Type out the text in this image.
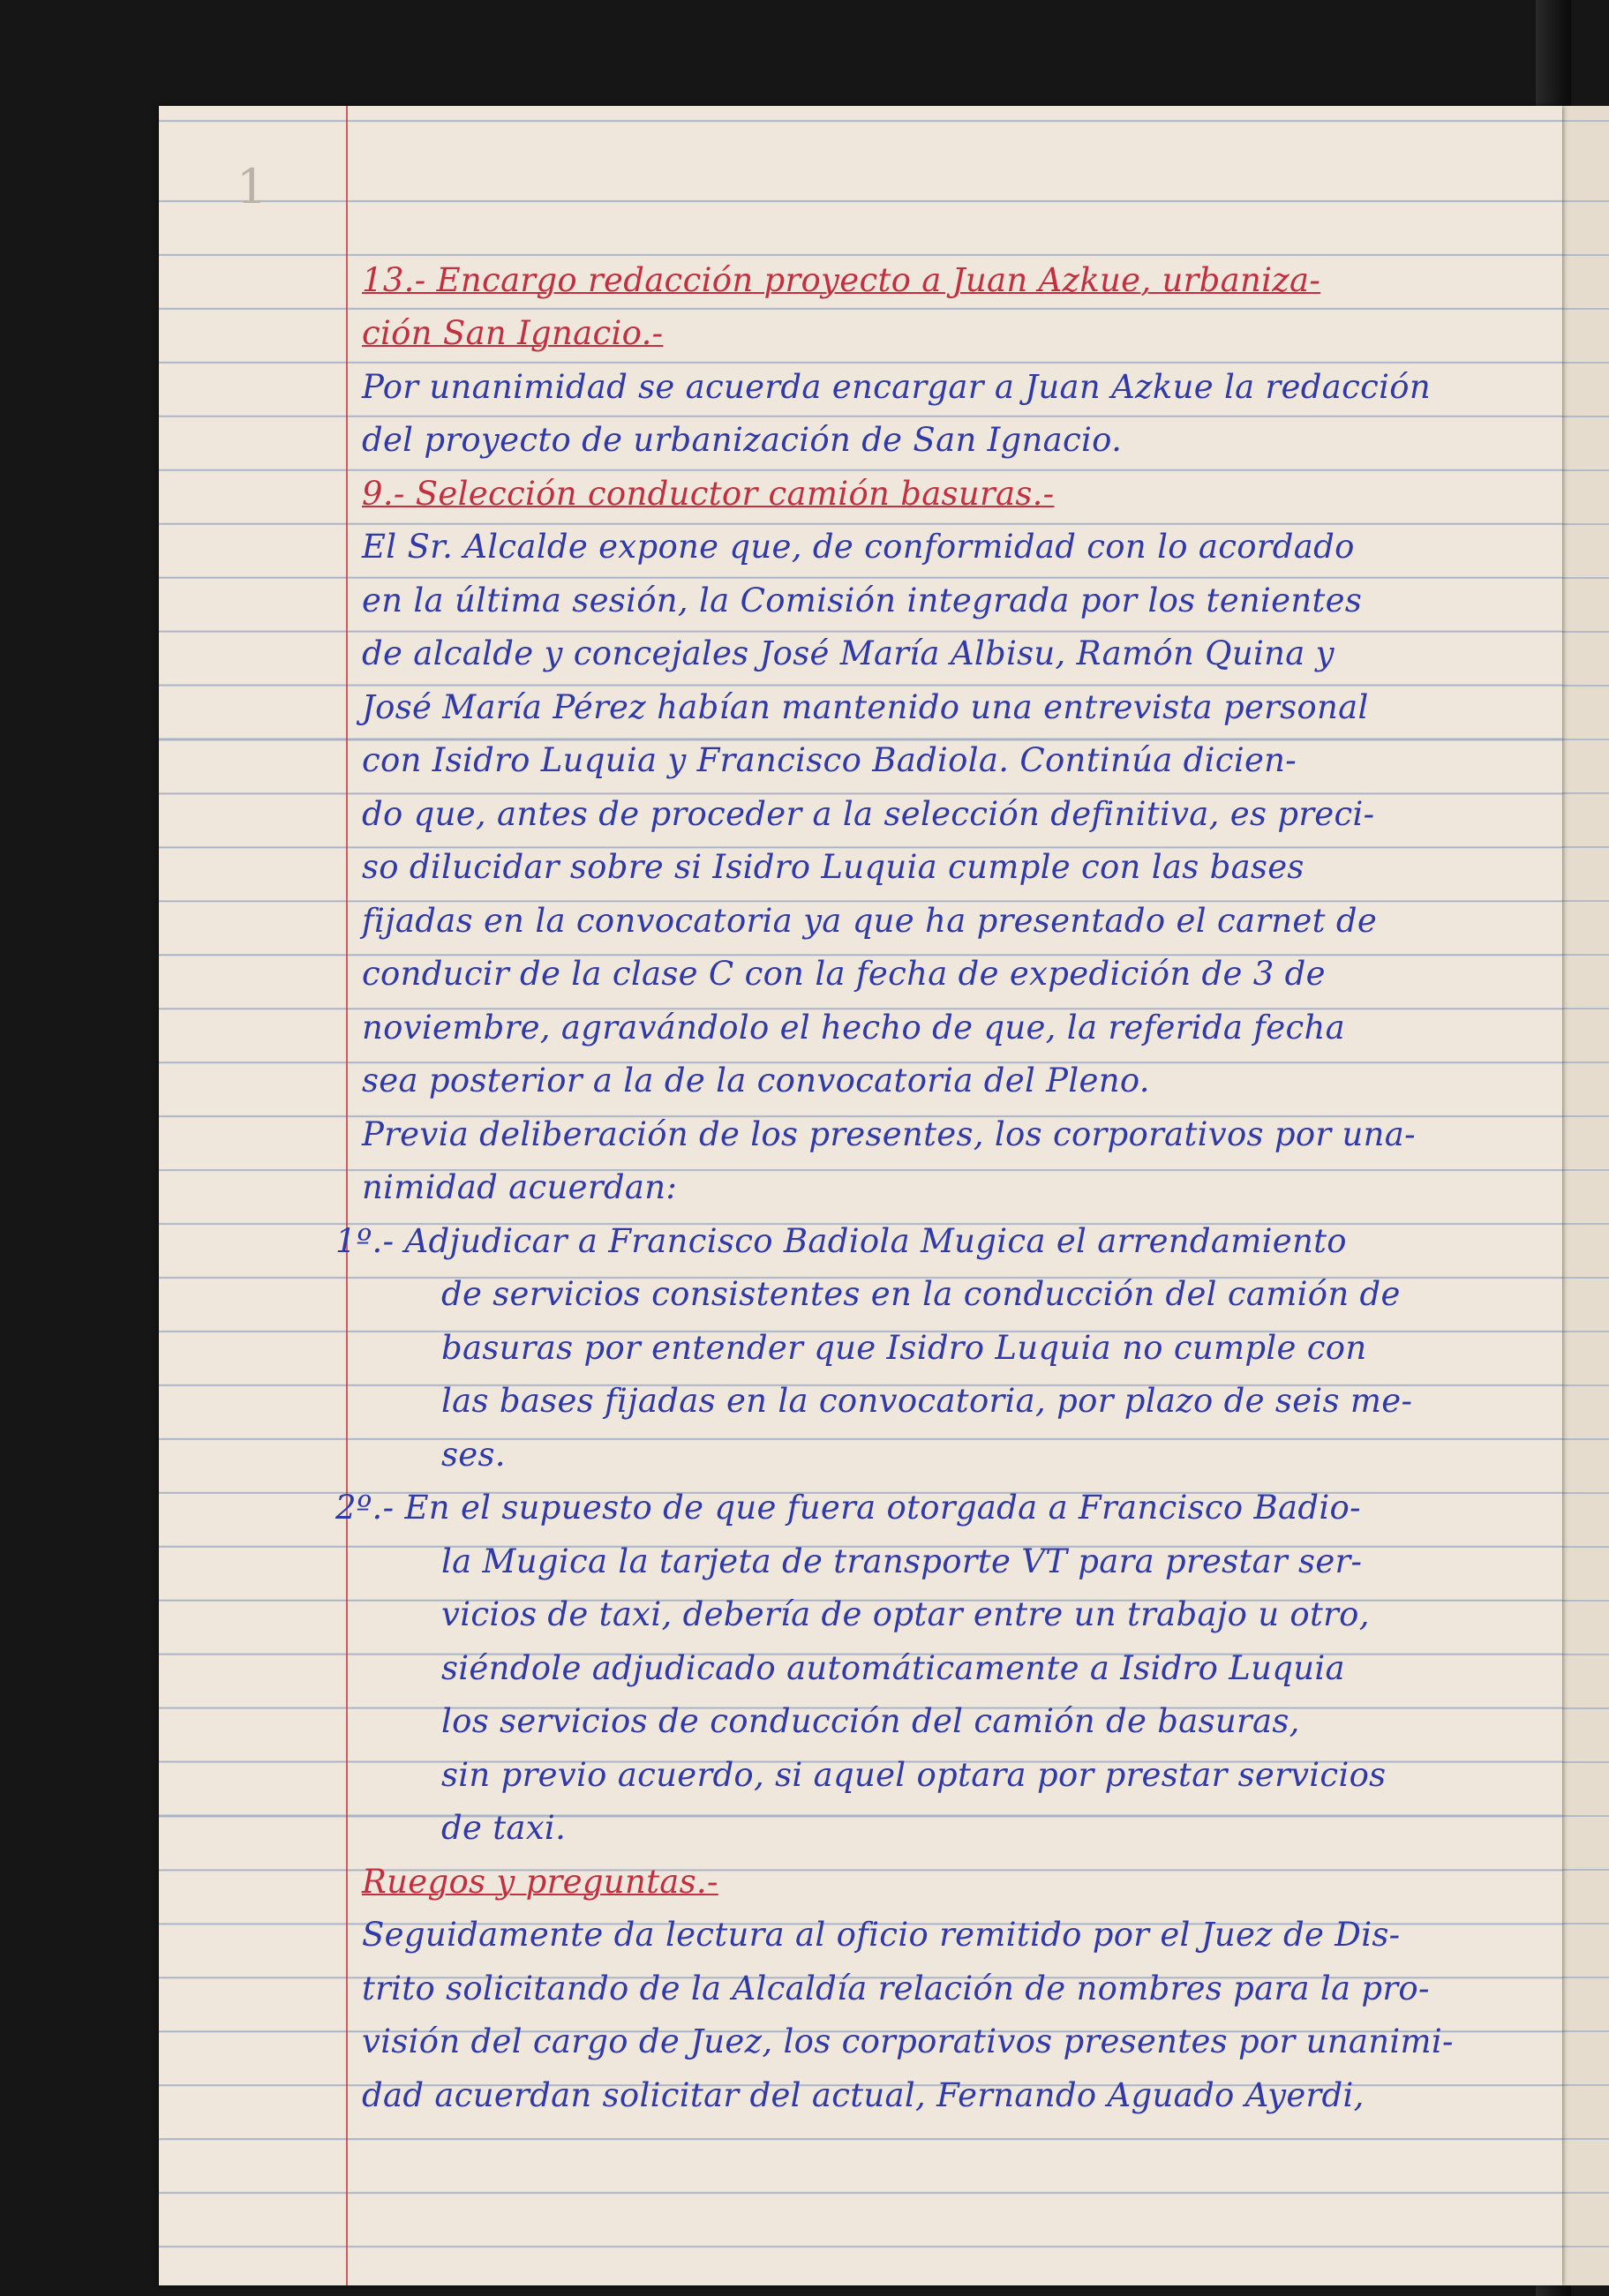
1
13.- Encargo redacción proyecto a Juan Azkue, urbaniza-
ción San Ignacio.-
Por unanimidad se acuerda encargar a Juan Azkue la redacción
del proyecto de urbanización de San Ignacio.
9.- Selección conductor camión basuras.-
El Sr. Alcalde expone que, de conformidad con lo acordado
en la última sesión, la Comisión integrada por los tenientes
de alcalde y concejales José María Albisu, Ramón Quina y
José María Pérez habían mantenido una entrevista personal
con Isidro Luquia y Francisco Badiola. Continúa dicien-
do que, antes de proceder a la selección definitiva, es preci-
so dilucidar sobre si Isidro Luquia cumple con las bases
fijadas en la convocatoria ya que ha presentado el carnet de
conducir de la clase C con la fecha de expedición de 3 de
noviembre, agravándolo el hecho de que, la referida fecha
sea posterior a la de la convocatoria del Pleno.
Previa deliberación de los presentes, los corporativos por una-
nimidad acuerdan:
1º.- Adjudicar a Francisco Badiola Mugica el arrendamiento
de servicios consistentes en la conducción del camión de
basuras por entender que Isidro Luquia no cumple con
las bases fijadas en la convocatoria, por plazo de seis me-
ses.
2º.- En el supuesto de que fuera otorgada a Francisco Badio-
la Mugica la tarjeta de transporte VT para prestar ser-
vicios de taxi, debería de optar entre un trabajo u otro,
siéndole adjudicado automáticamente a Isidro Luquia
los servicios de conducción del camión de basuras,
sin previo acuerdo, si aquel optara por prestar servicios
de taxi.
Ruegos y preguntas.-
Seguidamente da lectura al oficio remitido por el Juez de Dis-
trito solicitando de la Alcaldía relación de nombres para la pro-
visión del cargo de Juez, los corporativos presentes por unanimi-
dad acuerdan solicitar del actual, Fernando Aguado Ayerdi,
